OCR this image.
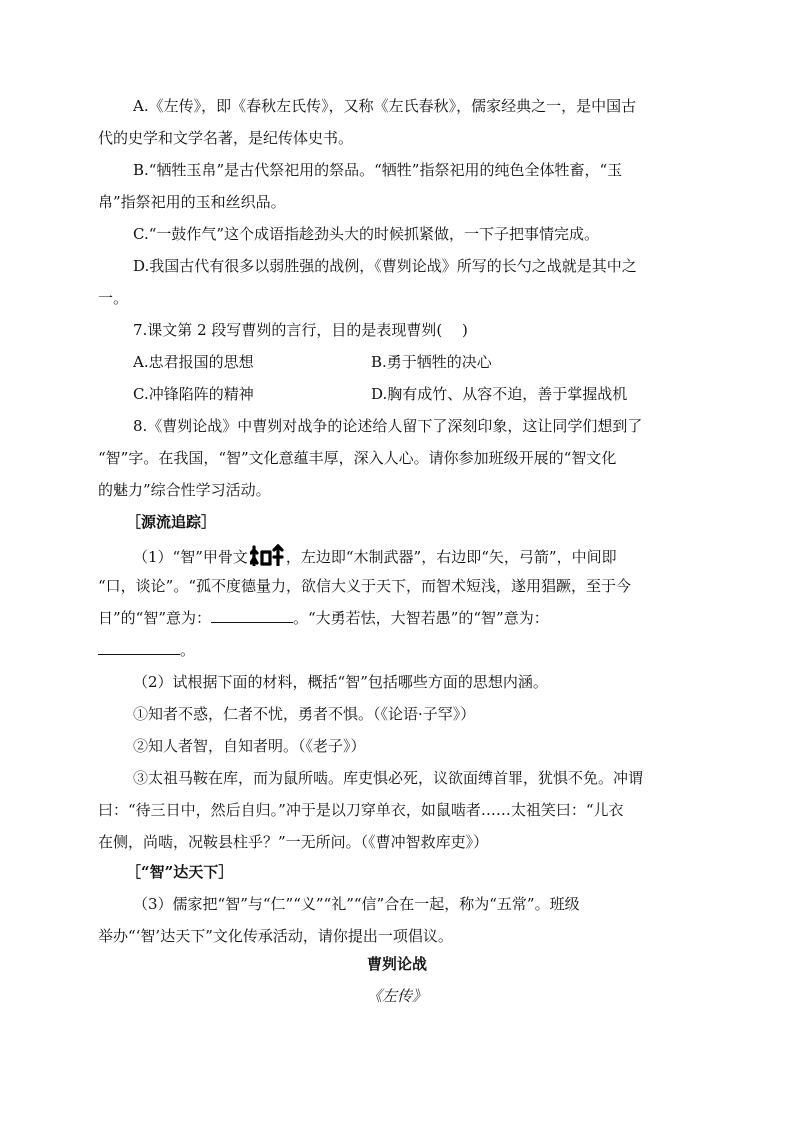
A.《左传》，即《春秋左氏传》，又称《左氏春秋》，儒家经典之一，是中国古
代的史学和文学名著，是纪传体史书。
B.“牺牲玉帛”是古代祭祀用的祭品。“牺牲”指祭祀用的纯色全体牲畜，“玉
帛”指祭祀用的玉和丝织品。
C.“一鼓作气”这个成语指趁劲头大的时候抓紧做，一下子把事情完成。
D.我国古代有很多以弱胜强的战例，《曹刿论战》所写的长勺之战就是其中之
一。
7.课文第 2 段写曹刿的言行，目的是表现曹刿(　 )
A.忠君报国的思想	B.勇于牺牲的决心
C.冲锋陷阵的精神	D.胸有成竹、从容不迫，善于掌握战机
8.《曹刿论战》中曹刿对战争的论述给人留下了深刻印象，这让同学们想到了
“智”字。在我国，“智”文化意蕴丰厚，深入人心。请你参加班级开展的“智文化
的魅力”综合性学习活动。
［源流追踪］
（1）“智”甲骨文	，左边即“木制武器”，右边即“矢，弓箭”，中间即
“口，谈论”。“孤不度德量力，欲信大义于天下，而智术短浅，遂用猖蹶，至于今
日”的“智”意为：	。“大勇若怯，大智若愚”的“智”意为：
。
（2）试根据下面的材料，概括“智”包括哪些方面的思想内涵。
①知者不惑，仁者不忧，勇者不惧。（《论语·子罕》）
②知人者智，自知者明。（《老子》）
③太祖马鞍在库，而为鼠所啮。库吏惧必死，议欲面缚首罪，犹惧不免。冲谓
曰：“待三日中，然后自归。”冲于是以刀穿单衣，如鼠啮者……太祖笑曰：“儿衣
在侧，尚啮，况鞍县柱乎？”一无所问。（《曹冲智救库吏》）
［“智”达天下］
（3）儒家把“智”与“仁”“义”“礼”“信”合在一起，称为“五常”。班级
举办“‘智’达天下”文化传承活动，请你提出一项倡议。
曹刿论战
《左传》
